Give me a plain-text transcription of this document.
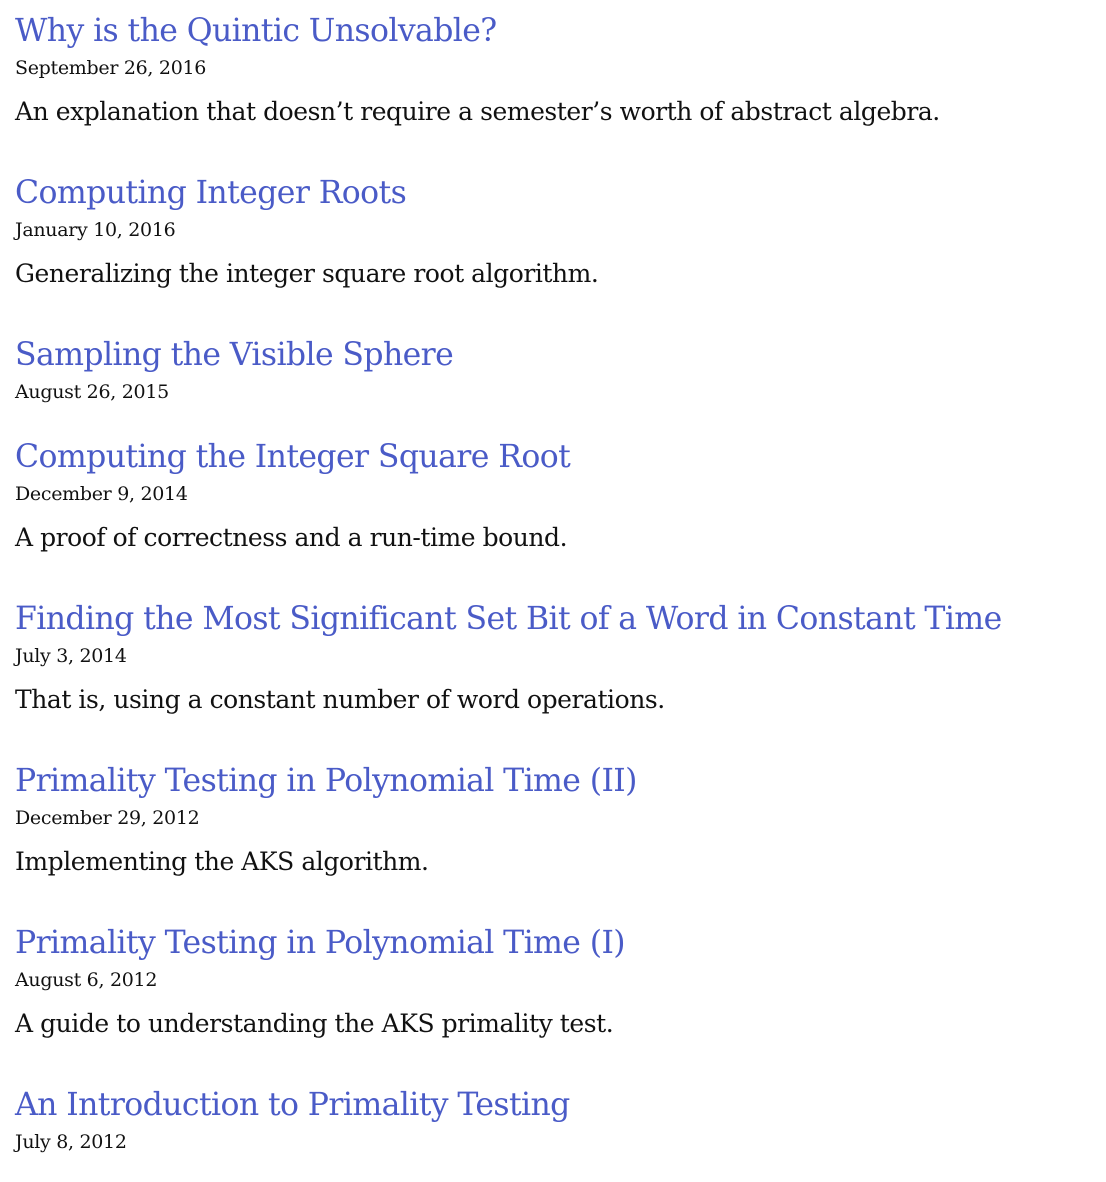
Why is the Quintic Unsolvable?
September 26, 2016
An explanation that doesn’t require a semester’s worth of abstract algebra.
Computing Integer Roots
January 10, 2016
Generalizing the integer square root algorithm.
Sampling the Visible Sphere
August 26, 2015
Computing the Integer Square Root
December 9, 2014
A proof of correctness and a run-time bound.
Finding the Most Significant Set Bit of a Word in Constant Time
July 3, 2014
That is, using a constant number of word operations.
Primality Testing in Polynomial Time (II)
December 29, 2012
Implementing the AKS algorithm.
Primality Testing in Polynomial Time (I)
August 6, 2012
A guide to understanding the AKS primality test.
An Introduction to Primality Testing
July 8, 2012
